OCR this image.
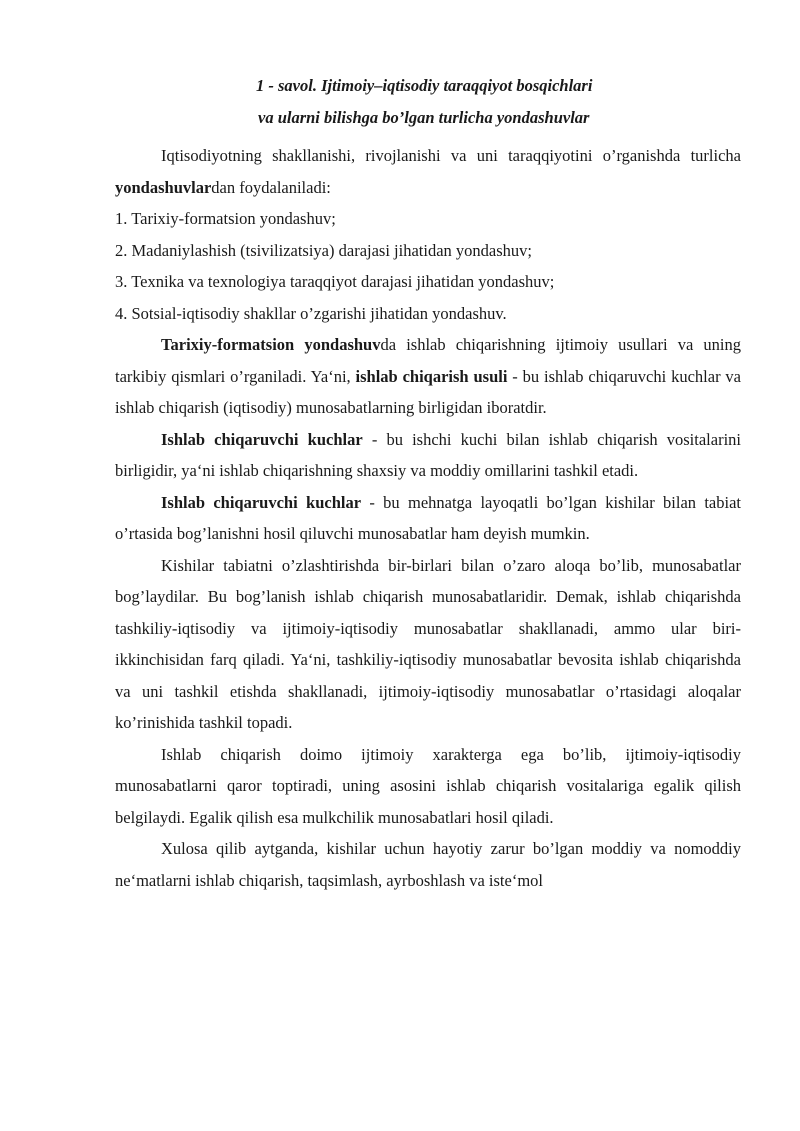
1 - savol. Ijtimoiy–iqtisodiy taraqqiyot bosqichlari
va ularni bilishga bo’lgan turlicha yondashuvlar

Iqtisodiyotning shakllanishi, rivojlanishi va uni taraqqiyotini o’rganishda turlicha yondashuvlardan foydalaniladi:

1. Tarixiy-formatsion yondashuv;

2. Madaniylashish (tsivilizatsiya) darajasi jihatidan yondashuv;

3. Texnika va texnologiya taraqqiyot darajasi jihatidan yondashuv;

4. Sotsial-iqtisodiy shakllar o’zgarishi jihatidan yondashuv.

Tarixiy-formatsion yondashuvda ishlab chiqarishning ijtimoiy usullari va uning tarkibiy qismlari o’rganiladi. Ya‘ni, ishlab chiqarish usuli - bu ishlab chiqaruvchi kuchlar va ishlab chiqarish (iqtisodiy) munosabatlarning birligidan iboratdir.

Ishlab chiqaruvchi kuchlar - bu ishchi kuchi bilan ishlab chiqarish vositalarini birligidir, ya‘ni ishlab chiqarishning shaxsiy va moddiy omillarini tashkil etadi.

Ishlab chiqaruvchi kuchlar - bu mehnatga layoqatli bo’lgan kishilar bilan tabiat o’rtasida bog’lanishni hosil qiluvchi munosabatlar ham deyish mumkin.

Kishilar tabiatni o’zlashtirishda bir-birlari bilan o’zaro aloqa bo’lib, munosabatlar bog’laydilar. Bu bog’lanish ishlab chiqarish munosabatlaridir. Demak, ishlab chiqarishda tashkiliy-iqtisodiy va ijtimoiy-iqtisodiy munosabatlar shakllanadi, ammo ular biri-ikkinchisidan farq qiladi. Ya‘ni, tashkiliy-iqtisodiy munosabatlar bevosita ishlab chiqarishda va uni tashkil etishda shakllanadi, ijtimoiy-iqtisodiy munosabatlar o’rtasidagi aloqalar ko’rinishida tashkil topadi.

Ishlab chiqarish doimo ijtimoiy xarakterga ega bo’lib, ijtimoiy-iqtisodiy munosabatlarni qaror toptiradi, uning asosini ishlab chiqarish vositalariga egalik qilish belgilaydi. Egalik qilish esa mulkchilik munosabatlari hosil qiladi.

Xulosa qilib aytganda, kishilar uchun hayotiy zarur bo’lgan moddiy va nomoddiy ne‘matlarni ishlab chiqarish, taqsimlash, ayrboshlash va iste‘mol
